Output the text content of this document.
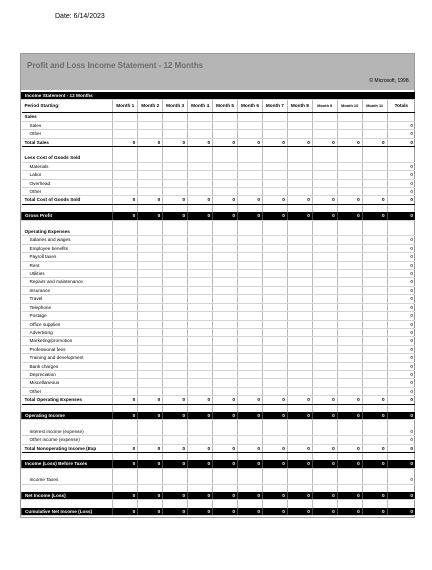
Date: 6/14/2023
Profit and Loss Income Statement - 12 Months
© Microsoft, 1998.
Income Statement - 12 Months												
Period Starting:	Month 1	Month 2	Month 3	Month 4	Month 5	Month 6	Month 7	Month 8	Month 9	Month 10	Month 11	Totals
Sales												
Sales												0
Other												0
Total Sales	0	0	0	0	0	0	0	0	0	0	0	0

Less Cost of Goods Sold												
Materials												0
Labor												0
Overhead												0
Other												0
Total Cost of Goods Sold	0	0	0	0	0	0	0	0	0	0	0	0

Gross Profit	0	0	0	0	0	0	0	0	0	0	0	0

Operating Expenses												
Salaries and wages												0
Employee benefits												0
Payroll taxes												0
Rent												0
Utilities												0
Repairs and maintenance												0
Insurance												0
Travel												0
Telephone												0
Postage												0
Office supplies												0
Advertising												0
Marketing/promotion												0
Professional fees												0
Training and development												0
Bank charges												0
Depreciation												0
Miscellaneous												0
Other												0
Total Operating Expenses	0	0	0	0	0	0	0	0	0	0	0	0

Operating Income	0	0	0	0	0	0	0	0	0	0	0	0

Interest income (expense)												0
Other income (expense)												0
Total Nonoperating Income (Exp	0	0	0	0	0	0	0	0	0	0	0	0

Income (Loss) Before Taxes	0	0	0	0	0	0	0	0	0	0	0	0

Income Taxes												0

Net Income (Loss)	0	0	0	0	0	0	0	0	0	0	0	0

Cumulative Net Income (Loss)	0	0	0	0	0	0	0	0	0	0	0	0
